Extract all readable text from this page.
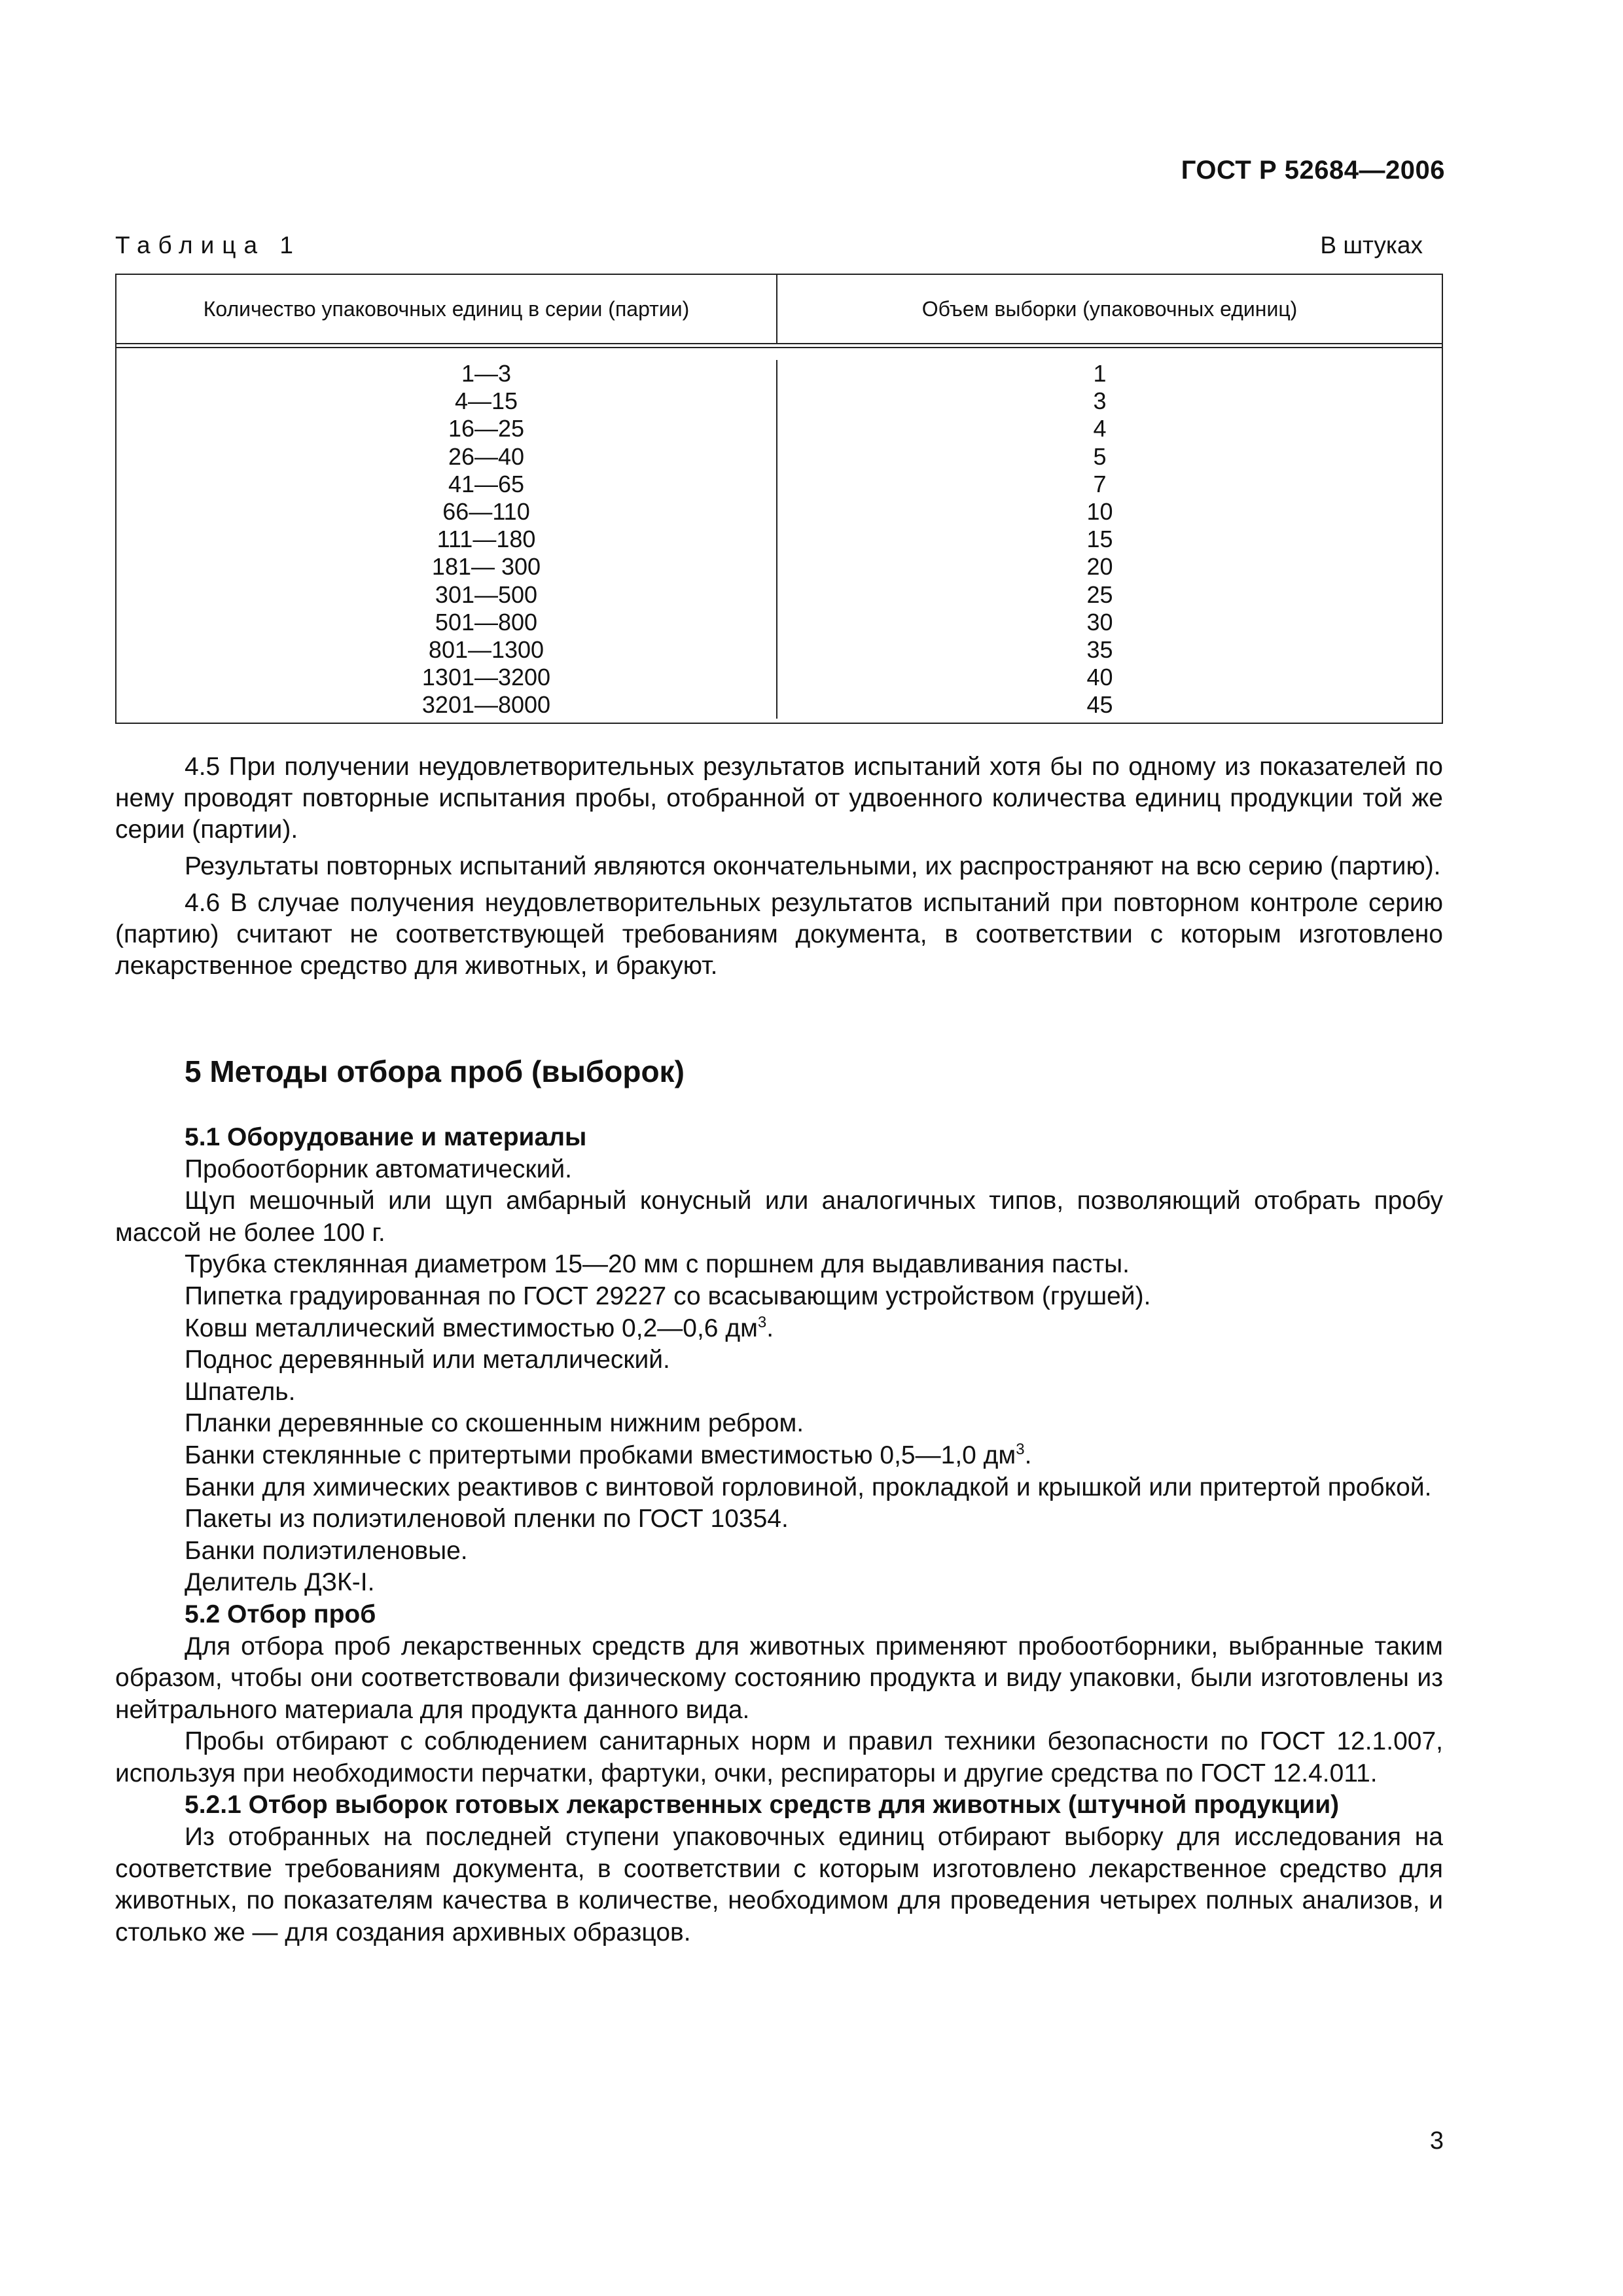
ГОСТ Р 52684—2006
Таблица 1	В штуках
Количество упаковочных единиц в серии (партии)	Объем выборки (упаковочных единиц)
1—3
4—15
16—25
26—40
41—65
66—110
111—180
181— 300
301—500
501—800
801—1300
1301—3200
3201—8000
1
3
4
5
7
10
15
20
25
30
35
40
45

4.5 При получении неудовлетворительных результатов испытаний хотя бы по одному из показателей по нему проводят повторные испытания пробы, отобранной от удвоенного количества единиц продукции той же серии (партии).

Результаты повторных испытаний являются окончательными, их распространяют на всю серию (партию).

4.6 В случае получения неудовлетворительных результатов испытаний при повторном контроле серию (партию) считают не соответствующей требованиям документа, в соответствии с которым изготовлено лекарственное средство для животных, и бракуют.

5 Методы отбора проб (выборок)

5.1 Оборудование и материалы

Пробоотборник автоматический.

Щуп мешочный или щуп амбарный конусный или аналогичных типов, позволяющий отобрать пробу массой не более 100 г.

Трубка стеклянная диаметром 15—20 мм с поршнем для выдавливания пасты.

Пипетка градуированная по ГОСТ 29227 со всасывающим устройством (грушей).

Ковш металлический вместимостью 0,2—0,6 $дм^3$.

Поднос деревянный или металлический.

Шпатель.

Планки деревянные со скошенным нижним ребром.

Банки стеклянные с притертыми пробками вместимостью 0,5—1,0 $дм^3$.

Банки для химических реактивов с винтовой горловиной, прокладкой и крышкой или притертой пробкой.

Пакеты из полиэтиленовой пленки по ГОСТ 10354.

Банки полиэтиленовые.

Делитель ДЗК-I.

5.2 Отбор проб

Для отбора проб лекарственных средств для животных применяют пробоотборники, выбранные таким образом, чтобы они соответствовали физическому состоянию продукта и виду упаковки, были изготовлены из нейтрального материала для продукта данного вида.

Пробы отбирают с соблюдением санитарных норм и правил техники безопасности по ГОСТ 12.1.007, используя при необходимости перчатки, фартуки, очки, респираторы и другие средства по ГОСТ 12.4.011.

5.2.1 Отбор выборок готовых лекарственных средств для животных (штучной продукции)

Из отобранных на последней ступени упаковочных единиц отбирают выборку для исследования на соответствие требованиям документа, в соответствии с которым изготовлено лекарственное средство для животных, по показателям качества в количестве, необходимом для проведения четырех полных анализов, и столько же — для создания архивных образцов.

3
